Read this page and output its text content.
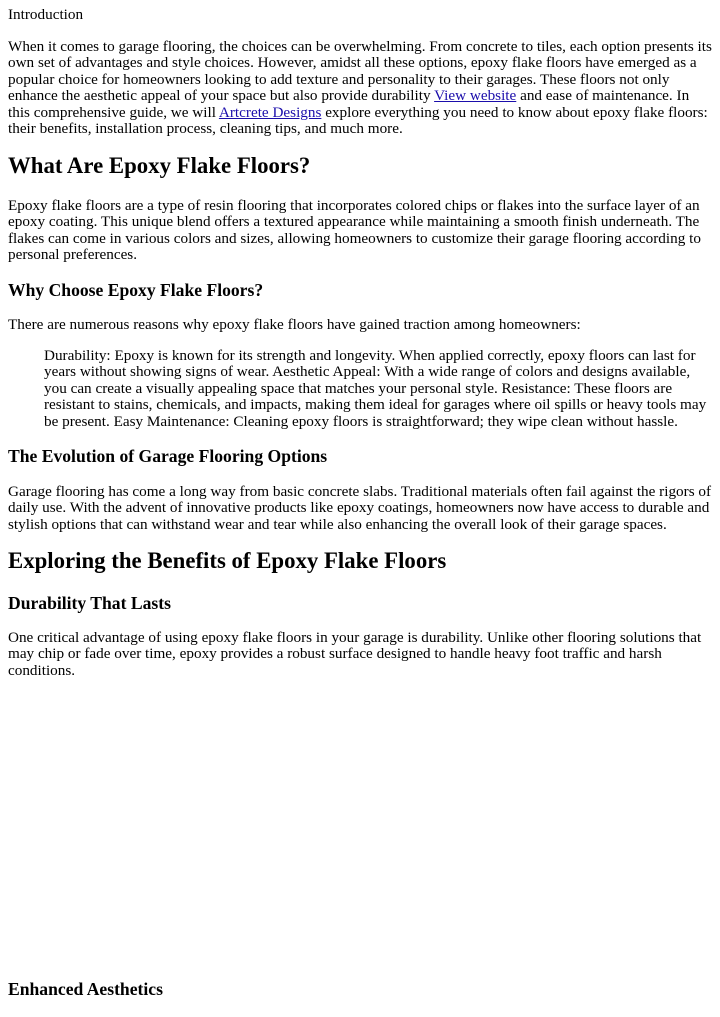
Introduction

When it comes to garage flooring, the choices can be overwhelming. From concrete to tiles, each option presents its own set of advantages and style choices. However, amidst all these options, epoxy flake floors have emerged as a popular choice for homeowners looking to add texture and personality to their garages. These floors not only enhance the aesthetic appeal of your space but also provide durability View website and ease of maintenance. In this comprehensive guide, we will Artcrete Designs explore everything you need to know about epoxy flake floors: their benefits, installation process, cleaning tips, and much more.

What Are Epoxy Flake Floors?

Epoxy flake floors are a type of resin flooring that incorporates colored chips or flakes into the surface layer of an epoxy coating. This unique blend offers a textured appearance while maintaining a smooth finish underneath. The flakes can come in various colors and sizes, allowing homeowners to customize their garage flooring according to personal preferences.

Why Choose Epoxy Flake Floors?

There are numerous reasons why epoxy flake floors have gained traction among homeowners:

Durability: Epoxy is known for its strength and longevity. When applied correctly, epoxy floors can last for years without showing signs of wear. Aesthetic Appeal: With a wide range of colors and designs available, you can create a visually appealing space that matches your personal style. Resistance: These floors are resistant to stains, chemicals, and impacts, making them ideal for garages where oil spills or heavy tools may be present. Easy Maintenance: Cleaning epoxy floors is straightforward; they wipe clean without hassle.

The Evolution of Garage Flooring Options

Garage flooring has come a long way from basic concrete slabs. Traditional materials often fail against the rigors of daily use. With the advent of innovative products like epoxy coatings, homeowners now have access to durable and stylish options that can withstand wear and tear while also enhancing the overall look of their garage spaces.

Exploring the Benefits of Epoxy Flake Floors
Durability That Lasts

One critical advantage of using epoxy flake floors in your garage is durability. Unlike other flooring solutions that may chip or fade over time, epoxy provides a robust surface designed to handle heavy foot traffic and harsh conditions.

Enhanced Aesthetics
